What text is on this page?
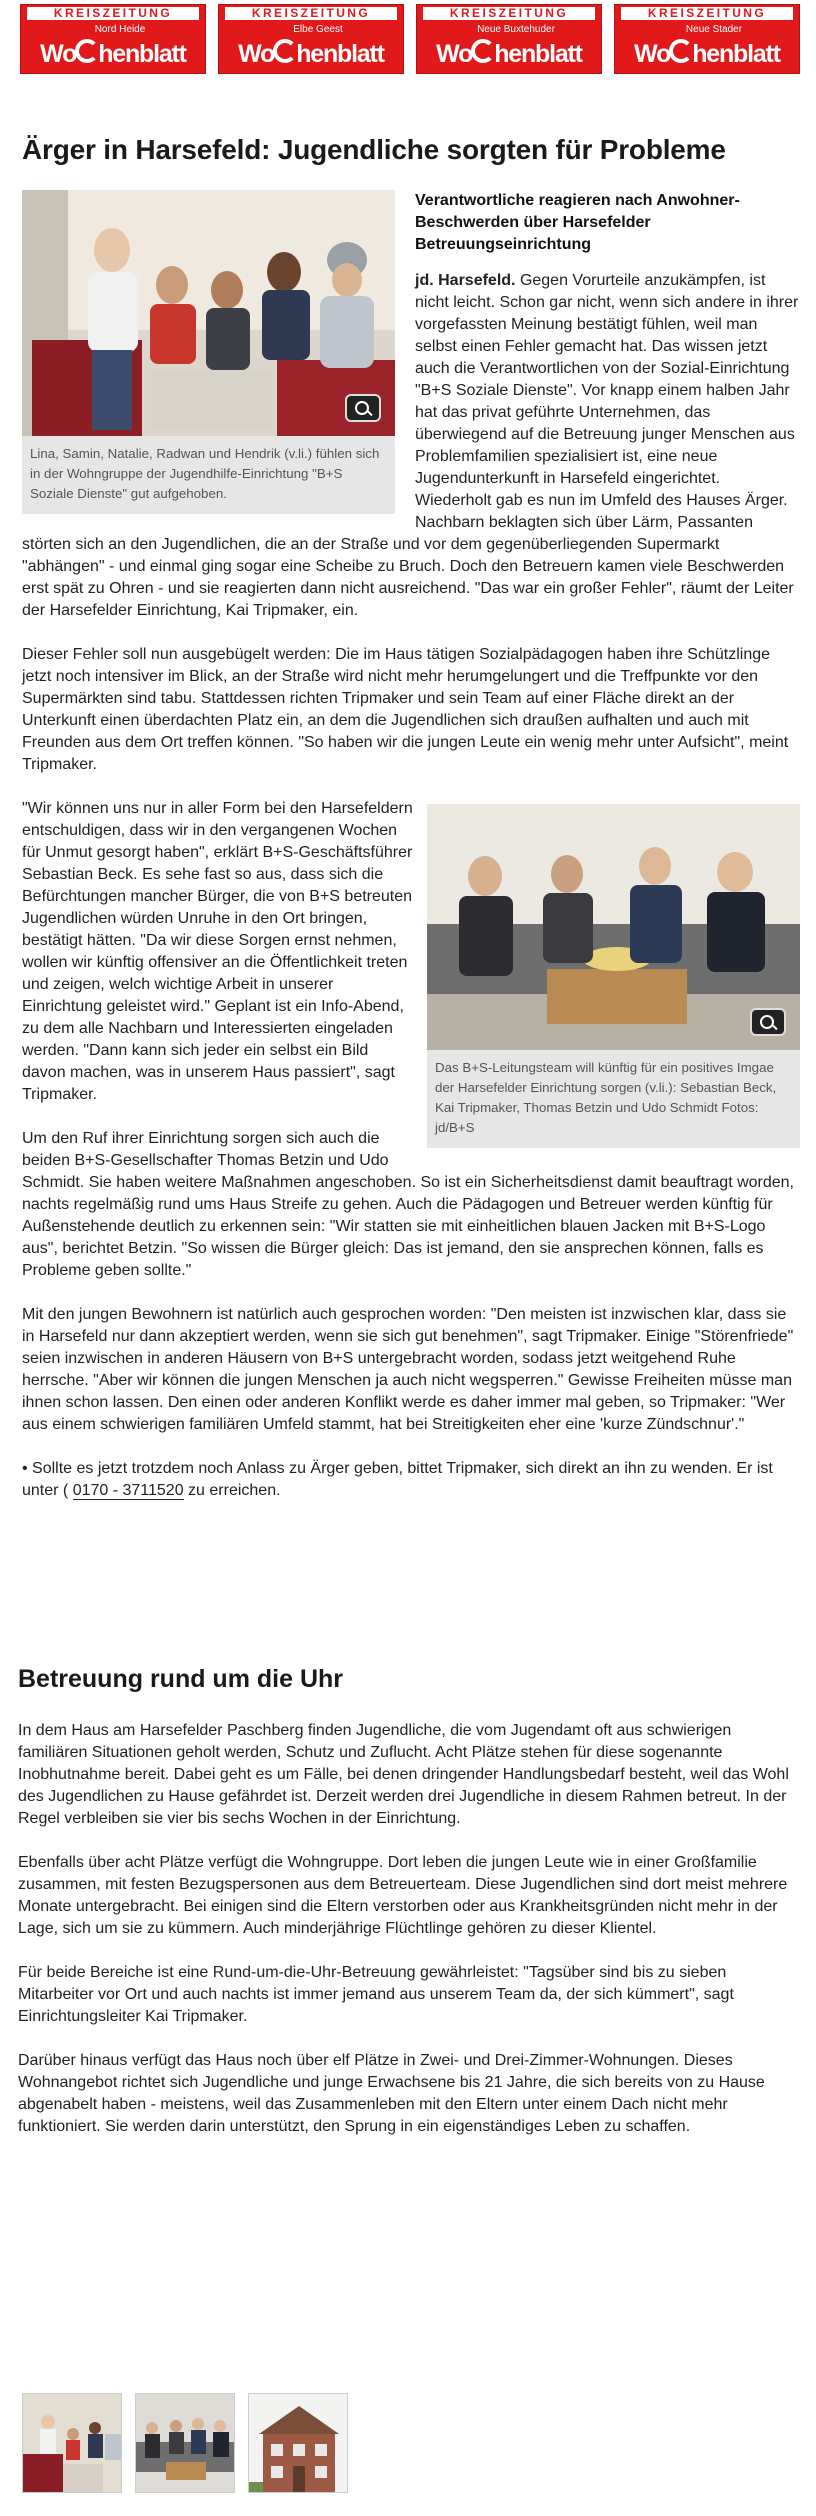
KREISZEITUNG
Nord Heide
Wo henblatt
KREISZEITUNG
Elbe Geest
Wo henblatt
KREISZEITUNG
Neue Buxtehuder
Wo henblatt
KREISZEITUNG
Neue Stader
Wo henblatt
Ärger in Harsefeld: Jugendliche sorgten für Probleme
Lina, Samin, Natalie, Radwan und Hendrik (v.li.) fühlen sich in der Wohngruppe der Jugendhilfe-Einrichtung "B+S Soziale Dienste" gut aufgehoben.
Verantwortliche reagieren nach Anwohner-Beschwerden über Harsefelder Betreuungseinrichtung

jd. Harsefeld. Gegen Vorurteile anzukämpfen, ist nicht leicht. Schon gar nicht, wenn sich andere in ihrer vorgefassten Meinung bestätigt fühlen, weil man selbst einen Fehler gemacht hat. Das wissen jetzt auch die Verantwortlichen von der Sozial-Einrichtung "B+S Soziale Dienste". Vor knapp einem halben Jahr hat das privat geführte Unternehmen, das überwiegend auf die Betreuung junger Menschen aus Problemfamilien spezialisiert ist, eine neue Jugendunterkunft in Harsefeld eingerichtet. Wiederholt gab es nun im Umfeld des Hauses Ärger. Nachbarn beklagten sich über Lärm, Passanten störten sich an den Jugendlichen, die an der Straße und vor dem gegenüberliegenden Supermarkt "abhängen" - und einmal ging sogar eine Scheibe zu Bruch. Doch den Betreuern kamen viele Beschwerden erst spät zu Ohren - und sie reagierten dann nicht ausreichend. "Das war ein großer Fehler", räumt der Leiter der Harsefelder Einrichtung, Kai Tripmaker, ein.

Dieser Fehler soll nun ausgebügelt werden: Die im Haus tätigen Sozialpädagogen haben ihre Schützlinge jetzt noch intensiver im Blick, an der Straße wird nicht mehr herumgelungert und die Treffpunkte vor den Supermärkten sind tabu. Stattdessen richten Tripmaker und sein Team auf einer Fläche direkt an der Unterkunft einen überdachten Platz ein, an dem die Jugendlichen sich draußen aufhalten und auch mit Freunden aus dem Ort treffen können. "So haben wir die jungen Leute ein wenig mehr unter Aufsicht", meint Tripmaker.

Das B+S-Leitungsteam will künftig für ein positives Imgae der Harsefelder Einrichtung sorgen (v.li.): Sebastian Beck, Kai Tripmaker, Thomas Betzin und Udo Schmidt Fotos: jd/B+S

"Wir können uns nur in aller Form bei den Harsefeldern entschuldigen, dass wir in den vergangenen Wochen für Unmut gesorgt haben", erklärt B+S-Geschäftsführer Sebastian Beck. Es sehe fast so aus, dass sich die Befürchtungen mancher Bürger, die von B+S betreuten Jugendlichen würden Unruhe in den Ort bringen, bestätigt hätten. "Da wir diese Sorgen ernst nehmen, wollen wir künftig offensiver an die Öffentlichkeit treten und zeigen, welch wichtige Arbeit in unserer Einrichtung geleistet wird." Geplant ist ein Info-Abend, zu dem alle Nachbarn und Interessierten eingeladen werden. "Dann kann sich jeder ein selbst ein Bild davon machen, was in unserem Haus passiert", sagt Tripmaker.

Um den Ruf ihrer Einrichtung sorgen sich auch die beiden B+S-Gesellschafter Thomas Betzin und Udo Schmidt. Sie haben weitere Maßnahmen angeschoben. So ist ein Sicherheitsdienst damit beauftragt worden, nachts regelmäßig rund ums Haus Streife zu gehen. Auch die Pädagogen und Betreuer werden künftig für Außenstehende deutlich zu erkennen sein: "Wir statten sie mit einheitlichen blauen Jacken mit B+S-Logo aus", berichtet Betzin. "So wissen die Bürger gleich: Das ist jemand, den sie ansprechen können, falls es Probleme geben sollte."

Mit den jungen Bewohnern ist natürlich auch gesprochen worden: "Den meisten ist inzwischen klar, dass sie in Harsefeld nur dann akzeptiert werden, wenn sie sich gut benehmen", sagt Tripmaker. Einige "Störenfriede" seien inzwischen in anderen Häusern von B+S untergebracht worden, sodass jetzt weitgehend Ruhe herrsche. "Aber wir können die jungen Menschen ja auch nicht wegsperren." Gewisse Freiheiten müsse man ihnen schon lassen. Den einen oder anderen Konflikt werde es daher immer mal geben, so Tripmaker: "Wer aus einem schwierigen familiären Umfeld stammt, hat bei Streitigkeiten eher eine 'kurze Zündschnur'."

• Sollte es jetzt trotzdem noch Anlass zu Ärger geben, bittet Tripmaker, sich direkt an ihn zu wenden. Er ist unter ( 0170 - 3711520 zu erreichen.

Betreuung rund um die Uhr

In dem Haus am Harsefelder Paschberg finden Jugendliche, die vom Jugendamt oft aus schwierigen familiären Situationen geholt werden, Schutz und Zuflucht. Acht Plätze stehen für diese sogenannte Inobhutnahme bereit. Dabei geht es um Fälle, bei denen dringender Handlungsbedarf besteht, weil das Wohl des Jugendlichen zu Hause gefährdet ist. Derzeit werden drei Jugendliche in diesem Rahmen betreut. In der Regel verbleiben sie vier bis sechs Wochen in der Einrichtung.

Ebenfalls über acht Plätze verfügt die Wohngruppe. Dort leben die jungen Leute wie in einer Großfamilie zusammen, mit festen Bezugspersonen aus dem Betreuerteam. Diese Jugendlichen sind dort meist mehrere Monate untergebracht. Bei einigen sind die Eltern verstorben oder aus Krankheitsgründen nicht mehr in der Lage, sich um sie zu kümmern. Auch minderjährige Flüchtlinge gehören zu dieser Klientel.

Für beide Bereiche ist eine Rund-um-die-Uhr-Betreuung gewährleistet: "Tagsüber sind bis zu sieben Mitarbeiter vor Ort und auch nachts ist immer jemand aus unserem Team da, der sich kümmert", sagt Einrichtungsleiter Kai Tripmaker.

Darüber hinaus verfügt das Haus noch über elf Plätze in Zwei- und Drei-Zimmer-Wohnungen. Dieses Wohnangebot richtet sich Jugendliche und junge Erwachsene bis 21 Jahre, die sich bereits von zu Hause abgenabelt haben - meistens, weil das Zusammenleben mit den Eltern unter einem Dach nicht mehr funktioniert. Sie werden darin unterstützt, den Sprung in ein eigenständiges Leben zu schaffen.
